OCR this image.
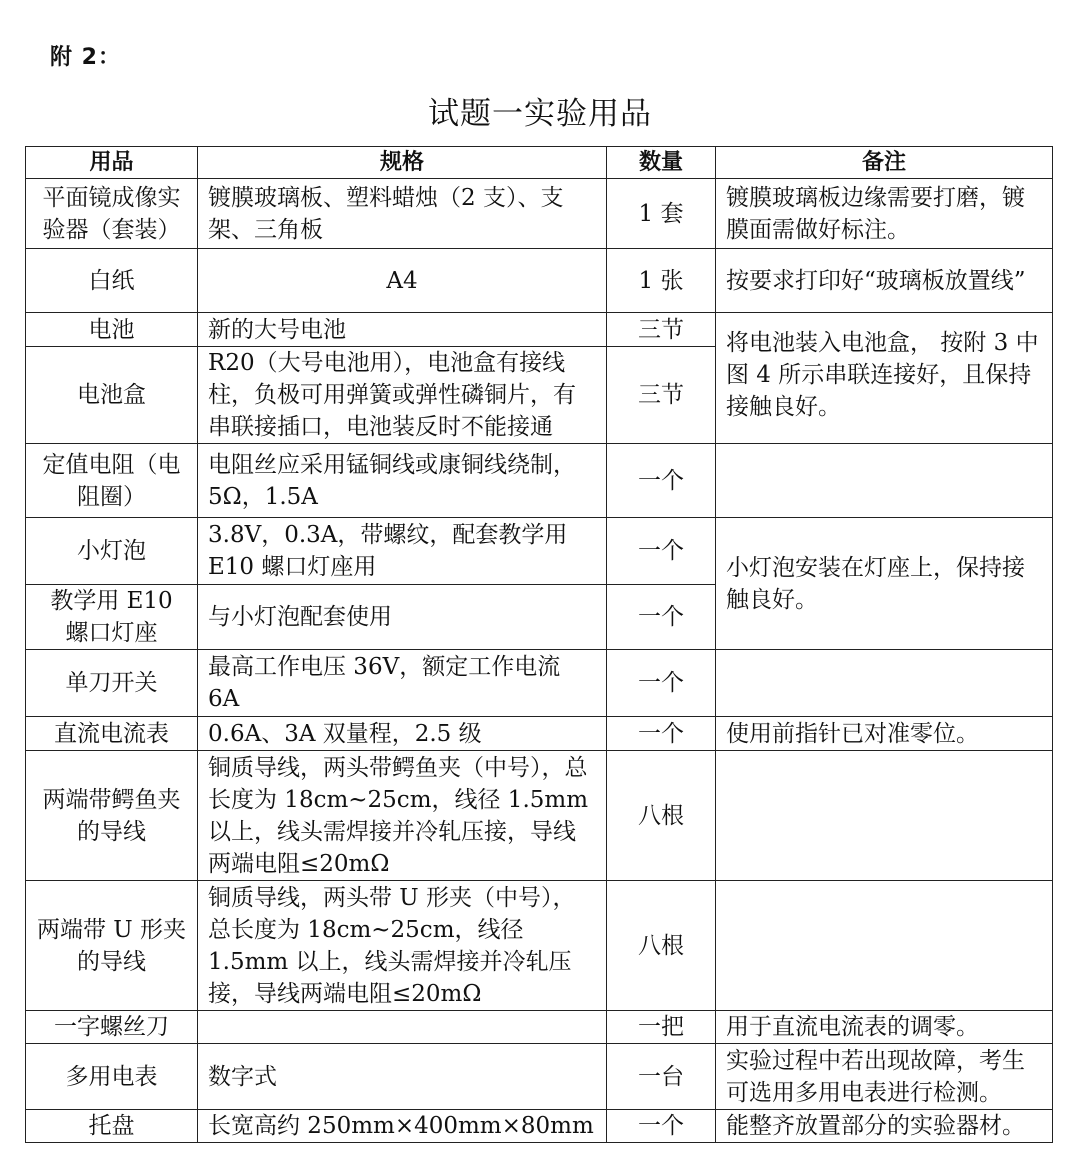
附 2：
试题一实验用品
用品	规格	数量	备注
平面镜成像实验器（套装）	镀膜玻璃板、塑料蜡烛（2 支）、支架、三角板	1 套	镀膜玻璃板边缘需要打磨，镀膜面需做好标注。
白纸	A4	1 张	按要求打印好“玻璃板放置线”
电池	新的大号电池	三节	将电池装入电池盒， 按附 3 中图 4 所示串联连接好，且保持接触良好。
电池盒	R20（大号电池用），电池盒有接线柱，负极可用弹簧或弹性磷铜片，有串联接插口，电池装反时不能接通	三节	
定值电阻（电阻圈）	电阻丝应采用锰铜线或康铜线绕制，5Ω，1.5A	一个	
小灯泡	3.8V，0.3A，带螺纹，配套教学用 E10 螺口灯座用	一个	小灯泡安装在灯座上，保持接触良好。
教学用 E10 螺口灯座	与小灯泡配套使用	一个	
单刀开关	最高工作电压 36V，额定工作电流 6A	一个	
直流电流表	0.6A、3A 双量程，2.5 级	一个	使用前指针已对准零位。
两端带鳄鱼夹的导线	铜质导线，两头带鳄鱼夹（中号），总长度为 18cm~25cm，线径 1.5mm 以上，线头需焊接并冷轧压接，导线两端电阻≤20mΩ	八根	
两端带 U 形夹的导线	铜质导线，两头带 U 形夹（中号），总长度为 18cm~25cm，线径 1.5mm 以上，线头需焊接并冷轧压接，导线两端电阻≤20mΩ	八根	
一字螺丝刀		一把	用于直流电流表的调零。
多用电表	数字式	一台	实验过程中若出现故障，考生可选用多用电表进行检测。
托盘	长宽高约 250mm×400mm×80mm	一个	能整齐放置部分的实验器材。
